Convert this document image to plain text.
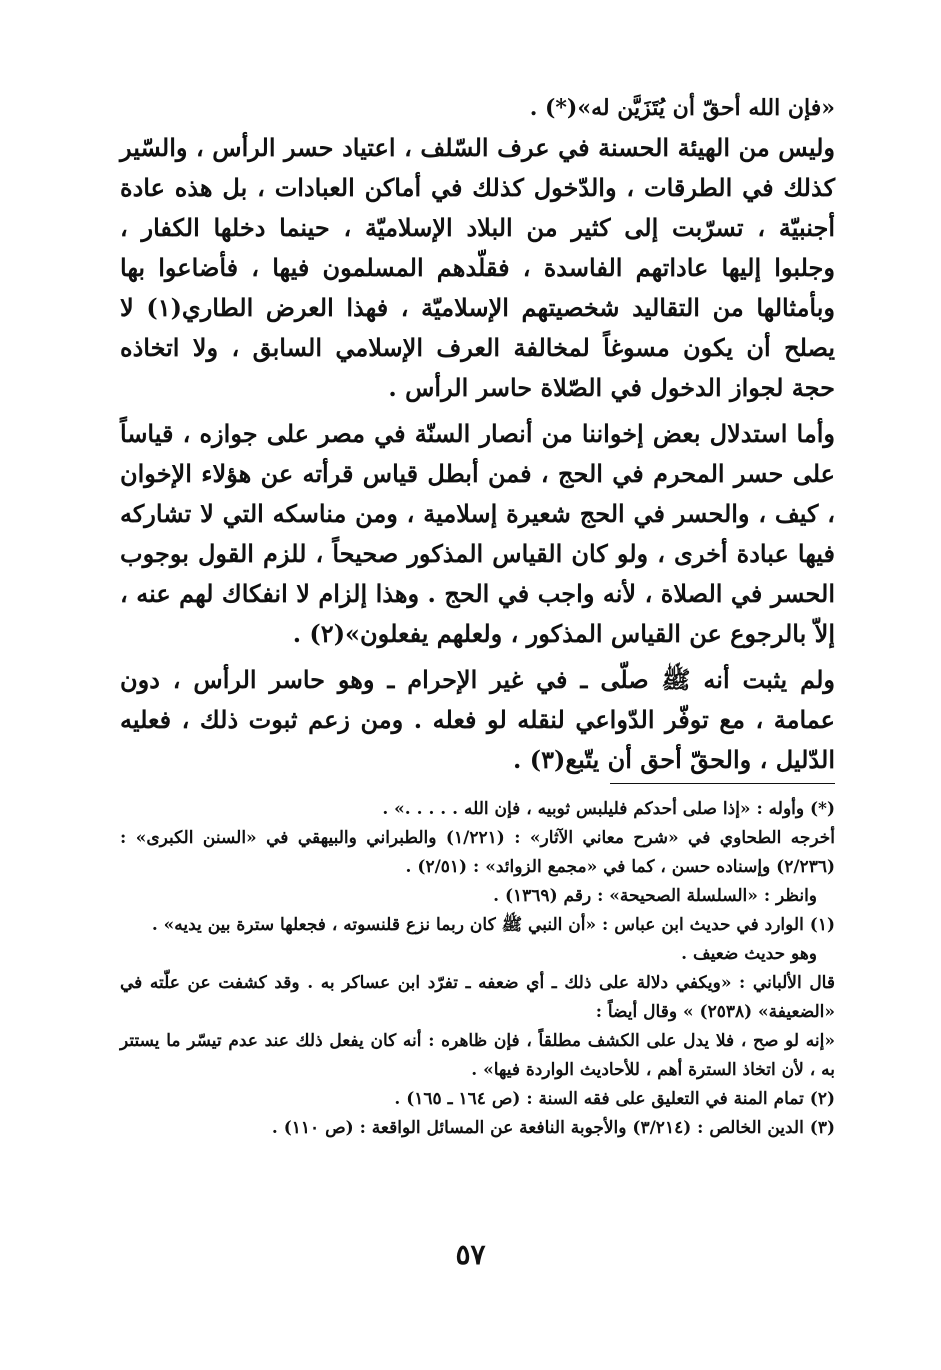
«فإن الله أحقّ أن يُتَزَيَّن له»(*) .

وليس من الهيئة الحسنة في عرف السّلف ، اعتياد حسر الرأس ، والسّير كذلك في الطرقات ، والدّخول كذلك في أماكن العبادات ، بل هذه عادة أجنبيّة ، تسرّبت إلى كثير من البلاد الإسلاميّة ، حينما دخلها الكفار ، وجلبوا إليها عاداتهم الفاسدة ، فقلّدهم المسلمون فيها ، فأضاعوا بها وبأمثالها من التقاليد شخصيتهم الإسلاميّة ، فهذا العرض الطاري(١) لا يصلح أن يكون مسوغاً لمخالفة العرف الإسلامي السابق ، ولا اتخاذه حجة لجواز الدخول في الصّلاة حاسر الرأس .

وأما استدلال بعض إخواننا من أنصار السنّة في مصر على جوازه ، قياساً على حسر المحرم في الحج ، فمن أبطل قياس قرأته عن هؤلاء الإخوان ، كيف ، والحسر في الحج شعيرة إسلامية ، ومن مناسكه التي لا تشاركه فيها عبادة أخرى ، ولو كان القياس المذكور صحيحاً ، للزم القول بوجوب الحسر في الصلاة ، لأنه واجب في الحج . وهذا إلزام لا انفكاك لهم عنه ، إلاّ بالرجوع عن القياس المذكور ، ولعلهم يفعلون»(٢) .

ولم يثبت أنه ﷺ صلّى ـ في غير الإحرام ـ وهو حاسر الرأس ، دون عمامة ، مع توفّر الدّواعي لنقله لو فعله . ومن زعم ثبوت ذلك ، فعليه الدّليل ، والحقّ أحق أن يتّبع(٣) .

(*) وأوله : «إذا صلى أحدكم فليلبس ثوبيه ، فإن الله . . . . .» .

أخرجه الطحاوي في «شرح معاني الآثار» : (١/٢٢١) والطبراني والبيهقي في «السنن الكبرى» : (٢/٢٣٦) وإسناده حسن ، كما في «مجمع الزوائد» : (٢/٥١) .

وانظر : «السلسلة الصحيحة» : رقم (١٣٦٩) .

(١) الوارد في حديث ابن عباس : «أن النبي ﷺ كان ربما نزع قلنسوته ، فجعلها سترة بين يديه» .

وهو حديث ضعيف .

قال الألباني : «ويكفي دلالة على ذلك ـ أي ضعفه ـ تفرّد ابن عساكر به . وقد كشفت عن علّته في «الضعيفة» (٢٥٣٨) » وقال أيضاً :

«إنه لو صح ، فلا يدل على الكشف مطلقاً ، فإن ظاهره : أنه كان يفعل ذلك عند عدم تيسّر ما يستتر به ، لأن اتخاذ السترة أهم ، للأحاديث الواردة فيها» .

(٢) تمام المنة في التعليق على فقه السنة : (ص ١٦٤ ـ ١٦٥) .

(٣) الدين الخالص : (٣/٢١٤) والأجوبة النافعة عن المسائل الواقعة : (ص ١١٠) .

٥٧
